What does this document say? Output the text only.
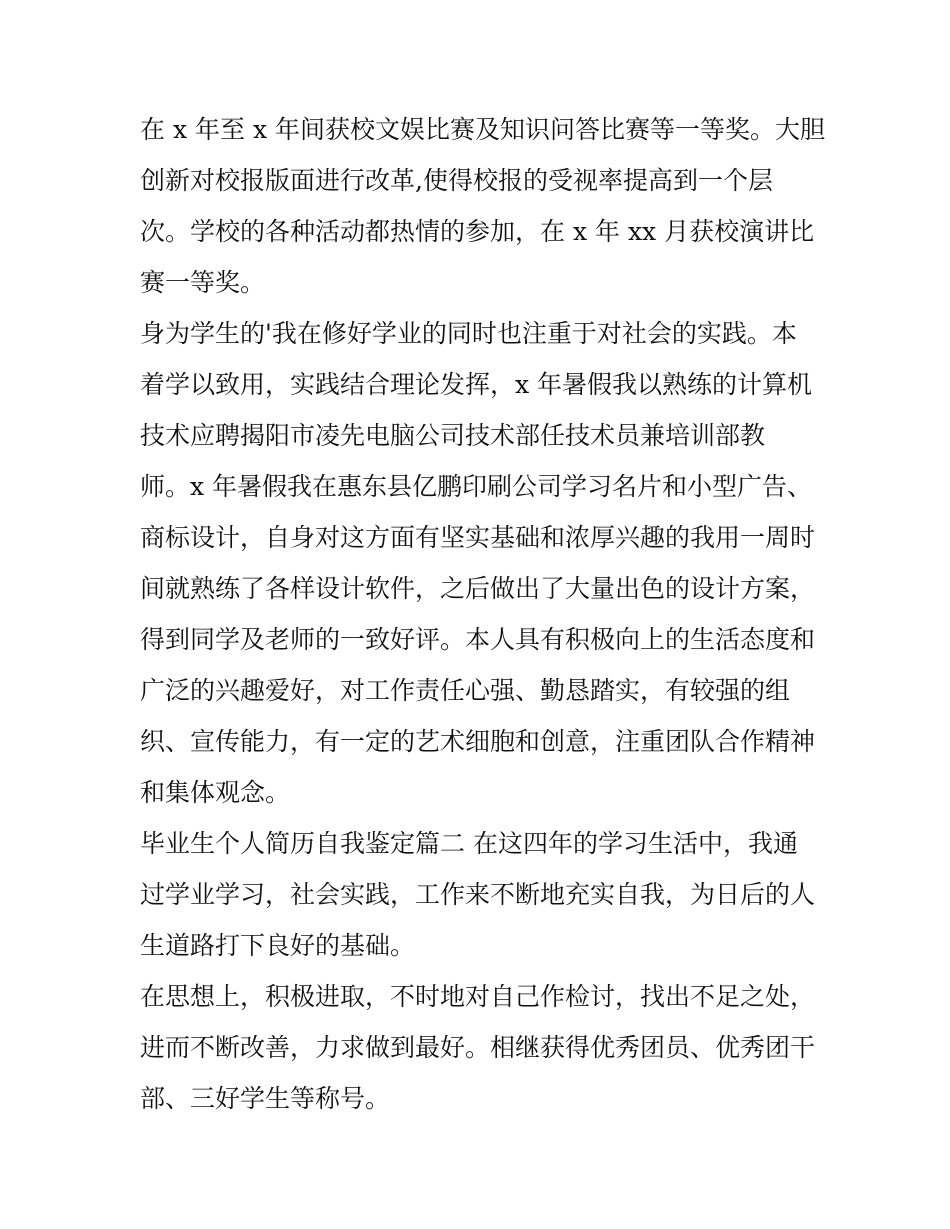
在 x 年至 x 年间获校文娱比赛及知识问答比赛等一等奖。大胆
创新对校报版面进行改革,使得校报的受视率提高到一个层
次。学校的各种活动都热情的参加，在 x 年 xx 月获校演讲比
赛一等奖。

身为学生的'我在修好学业的同时也注重于对社会的实践。本
着学以致用，实践结合理论发挥，x 年暑假我以熟练的计算机
技术应聘揭阳市凌先电脑公司技术部任技术员兼培训部教
师。x 年暑假我在惠东县亿鹏印刷公司学习名片和小型广告、
商标设计，自身对这方面有坚实基础和浓厚兴趣的我用一周时
间就熟练了各样设计软件，之后做出了大量出色的设计方案，
得到同学及老师的一致好评。本人具有积极向上的生活态度和
广泛的兴趣爱好，对工作责任心强、勤恳踏实，有较强的组
织、宣传能力，有一定的艺术细胞和创意，注重团队合作精神
和集体观念。

毕业生个人简历自我鉴定篇二 在这四年的学习生活中，我通
过学业学习，社会实践，工作来不断地充实自我，为日后的人
生道路打下良好的基础。

在思想上，积极进取，不时地对自己作检讨，找出不足之处，
进而不断改善，力求做到最好。相继获得优秀团员、优秀团干
部、三好学生等称号。
